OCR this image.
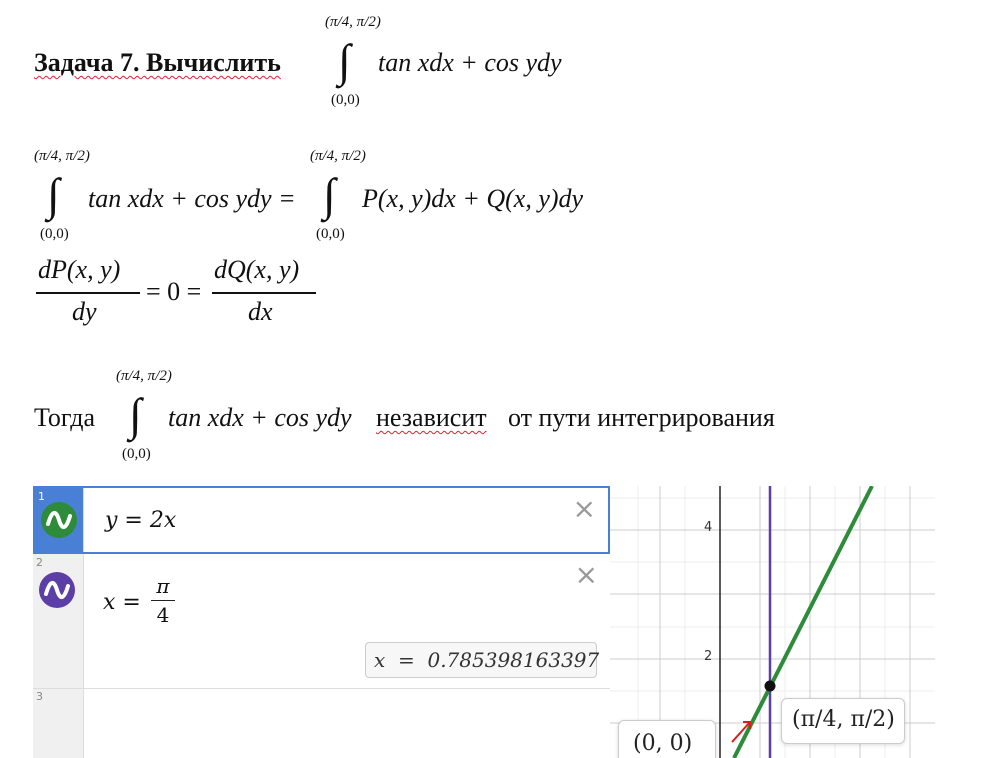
Задача 7. Вычислить
(π/4, π/2)
∫
(0,0)
tan xdx + cos ydy
(π/4, π/2)
∫
(0,0)
tan xdx + cos ydy =
(π/4, π/2)
∫
(0,0)
P(x, y)dx + Q(x, y)dy
dP(x, y)
dy
= 0 =
dQ(x, y)
dx
Тогда
(π/4, π/2)
∫
(0,0)
tan xdx + cos ydy независит от пути интегрирования
1
y = 2x	×
2
x =
π
4
×
x  =  0.785398163397
3
4
2
(π/4, π/2)
(0, 0)
